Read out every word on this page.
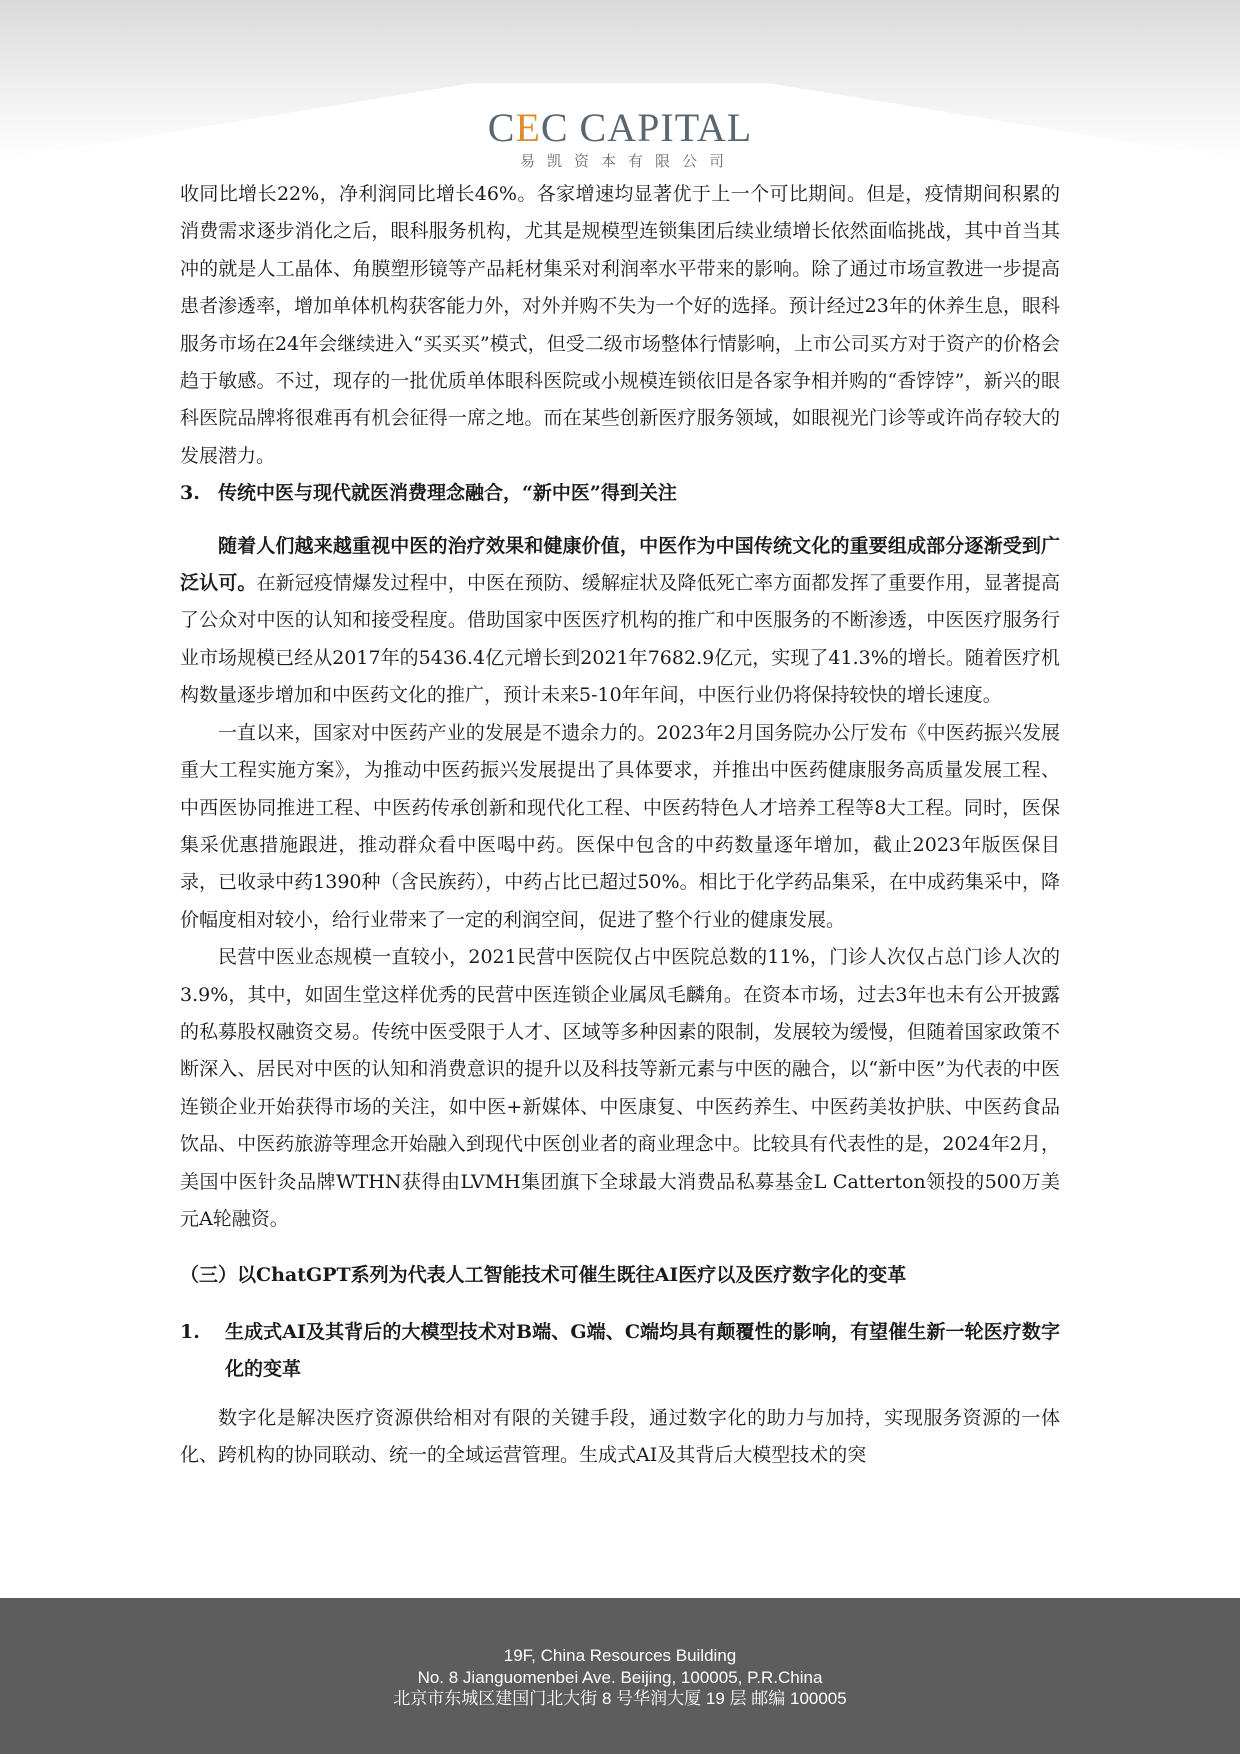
CEC CAPITAL
易凯资本有限公司

收同比增长22%，净利润同比增长46%。各家增速均显著优于上一个可比期间。但是，疫情期间积累的消费需求逐步消化之后，眼科服务机构，尤其是规模型连锁集团后续业绩增长依然面临挑战，其中首当其冲的就是人工晶体、角膜塑形镜等产品耗材集采对利润率水平带来的影响。除了通过市场宣教进一步提高患者渗透率，增加单体机构获客能力外，对外并购不失为一个好的选择。预计经过23年的休养生息，眼科服务市场在24年会继续进入“买买买”模式，但受二级市场整体行情影响，上市公司买方对于资产的价格会趋于敏感。不过，现存的一批优质单体眼科医院或小规模连锁依旧是各家争相并购的“香饽饽”，新兴的眼科医院品牌将很难再有机会征得一席之地。而在某些创新医疗服务领域，如眼视光门诊等或许尚存较大的发展潜力。

3. 传统中医与现代就医消费理念融合，“新中医”得到关注

随着人们越来越重视中医的治疗效果和健康价值，中医作为中国传统文化的重要组成部分逐渐受到广泛认可。在新冠疫情爆发过程中，中医在预防、缓解症状及降低死亡率方面都发挥了重要作用，显著提高了公众对中医的认知和接受程度。借助国家中医医疗机构的推广和中医服务的不断渗透，中医医疗服务行业市场规模已经从2017年的5436.4亿元增长到2021年7682.9亿元，实现了41.3%的增长。随着医疗机构数量逐步增加和中医药文化的推广，预计未来5-10年年间，中医行业仍将保持较快的增长速度。

一直以来，国家对中医药产业的发展是不遗余力的。2023年2月国务院办公厅发布《中医药振兴发展重大工程实施方案》，为推动中医药振兴发展提出了具体要求，并推出中医药健康服务高质量发展工程、中西医协同推进工程、中医药传承创新和现代化工程、中医药特色人才培养工程等8大工程。同时，医保集采优惠措施跟进，推动群众看中医喝中药。医保中包含的中药数量逐年增加，截止2023年版医保目录，已收录中药1390种（含民族药），中药占比已超过50%。相比于化学药品集采，在中成药集采中，降价幅度相对较小，给行业带来了一定的利润空间，促进了整个行业的健康发展。

民营中医业态规模一直较小，2021民营中医院仅占中医院总数的11%，门诊人次仅占总门诊人次的3.9%，其中，如固生堂这样优秀的民营中医连锁企业属凤毛麟角。在资本市场，过去3年也未有公开披露的私募股权融资交易。传统中医受限于人才、区域等多种因素的限制，发展较为缓慢，但随着国家政策不断深入、居民对中医的认知和消费意识的提升以及科技等新元素与中医的融合，以“新中医”为代表的中医连锁企业开始获得市场的关注，如中医+新媒体、中医康复、中医药养生、中医药美妆护肤、中医药食品饮品、中医药旅游等理念开始融入到现代中医创业者的商业理念中。比较具有代表性的是，2024年2月，美国中医针灸品牌WTHN获得由LVMH集团旗下全球最大消费品私募基金L Catterton领投的500万美元A轮融资。

（三）以ChatGPT系列为代表人工智能技术可催生既往AI医疗以及医疗数字化的变革

1.	生成式AI及其背后的大模型技术对B端、G端、C端均具有颠覆性的影响，有望催生新一轮医疗数字化的变革

数字化是解决医疗资源供给相对有限的关键手段，通过数字化的助力与加持，实现服务资源的一体化、跨机构的协同联动、统一的全域运营管理。生成式AI及其背后大模型技术的突

19F, China Resources Building
No. 8 Jianguomenbei Ave. Beijing, 100005, P.R.China
北京市东城区建国门北大街 8 号华润大厦 19 层 邮编 100005
